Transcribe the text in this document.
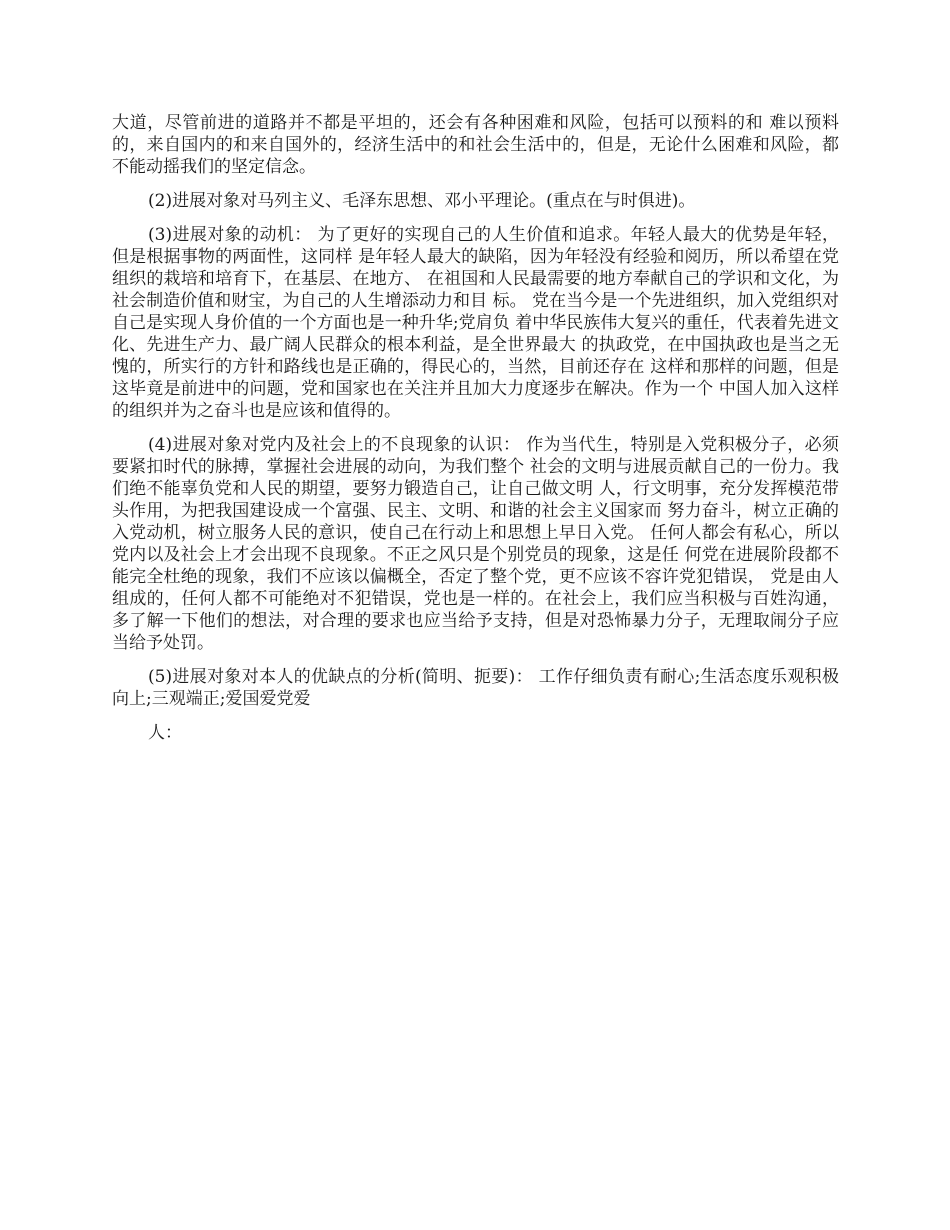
大道，尽管前进的道路并不都是平坦的，还会有各种困难和风险，包括可以预料的和 难以预料的，来自国内的和来自国外的，经济生活中的和社会生活中的，但是，无论什么困难和风险，都 不能动摇我们的坚定信念。

(2)进展对象对马列主义、毛泽东思想、邓小平理论。(重点在与时俱进)。

(3)进展对象的动机： 为了更好的实现自己的人生价值和追求。年轻人最大的优势是年轻，但是根据事物的两面性，这同样 是年轻人最大的缺陷，因为年轻没有经验和阅历，所以希望在党组织的栽培和培育下，在基层、在地方、 在祖国和人民最需要的地方奉献自己的学识和文化，为社会制造价值和财宝，为自己的人生增添动力和目 标。 党在当今是一个先进组织，加入党组织对自己是实现人身价值的一个方面也是一种升华;党肩负 着中华民族伟大复兴的重任，代表着先进文化、先进生产力、最广阔人民群众的根本利益，是全世界最大 的执政党，在中国执政也是当之无愧的，所实行的方针和路线也是正确的，得民心的，当然，目前还存在 这样和那样的问题，但是这毕竟是前进中的问题，党和国家也在关注并且加大力度逐步在解决。作为一个 中国人加入这样的组织并为之奋斗也是应该和值得的。

(4)进展对象对党内及社会上的不良现象的认识： 作为当代生，特别是入党积极分子，必须要紧扣时代的脉搏，掌握社会进展的动向，为我们整个 社会的文明与进展贡献自己的一份力。我们绝不能辜负党和人民的期望，要努力锻造自己，让自己做文明 人，行文明事，充分发挥模范带头作用，为把我国建设成一个富强、民主、文明、和谐的社会主义国家而 努力奋斗，树立正确的入党动机，树立服务人民的意识，使自己在行动上和思想上早日入党。 任何人都会有私心，所以党内以及社会上才会出现不良现象。不正之风只是个别党员的现象，这是任 何党在进展阶段都不能完全杜绝的现象，我们不应该以偏概全，否定了整个党，更不应该不容许党犯错误， 党是由人组成的，任何人都不可能绝对不犯错误，党也是一样的。在社会上，我们应当积极与百姓沟通， 多了解一下他们的想法，对合理的要求也应当给予支持，但是对恐怖暴力分子，无理取闹分子应当给予处罚。

(5)进展对象对本人的优缺点的分析(简明、扼要)： 工作仔细负责有耐心;生活态度乐观积极向上;三观端正;爱国爱党爱

人：
